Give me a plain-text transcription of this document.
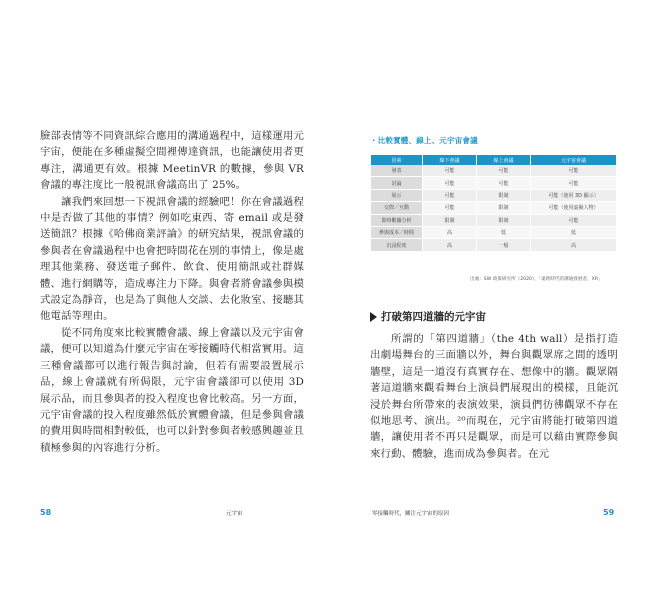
臉部表情等不同資訊綜合應用的溝通過程中，這樣運用元宇宙，便能在多種虛擬空間裡傳達資訊，也能讓使用者更專注，溝通更有效。根據 MeetinVR 的數據，參與 VR 會議的專注度比一般視訊會議高出了 25%。

讓我們來回想一下視訊會議的經驗吧！你在會議過程中是否做了其他的事情？例如吃東西、寄 email 或是發送簡訊？根據《哈佛商業評論》的研究結果，視訊會議的參與者在會議過程中也會把時間花在別的事情上，像是處理其他業務、發送電子郵件、飲食、使用簡訊或社群媒體、進行網購等，造成專注力下降。與會者將會議參與模式設定為靜音，也是為了與他人交談、去化妝室、接聽其他電話等理由。

從不同角度來比較實體會議、線上會議以及元宇宙會議，便可以知道為什麼元宇宙在零接觸時代相當實用。這三種會議都可以進行報告與討論，但若有需要設置展示品，線上會議就有所侷限，元宇宙會議卻可以使用 3D 展示品，而且參與者的投入程度也會比較高。另一方面，元宇宙會議的投入程度雖然低於實體會議，但是參與會議的費用與時間相對較低，也可以針對參與者較感興趣並且積極參與的內容進行分析。

58	元宇宙
・比較實體、線上、元宇宙會議
因素	線下會議	線上會議	元宇宙會議
發表	可能	可能	可能
討論	可能	可能	可能
展示	可能	限制	可能（使用 3D 顯示）
交際／互動	可能	限制	可能（使用虛擬人物）
即時數據分析	限制	限制	可能
參與成本／時間	高	低	低
沉浸程度	高	一般	高
出處：SW 政策研究所（2020），「遠距時代的溝通發展者，XR」
打破第四道牆的元宇宙

所謂的「第四道牆」（the 4th wall）是指打造出劇場舞台的三面牆以外，舞台與觀眾席之間的透明牆壁，這是一道沒有真實存在、想像中的牆。觀眾隔著這道牆來觀看舞台上演員們展現出的模樣，且能沉浸於舞台所帶來的表演效果，演員們彷彿觀眾不存在似地思考、演出。²⁰而現在，元宇宙將能打破第四道牆，讓使用者不再只是觀眾，而是可以藉由實際參與來行動、體驗，進而成為參與者。在元

零接觸時代，關注元宇宙的原因	59
